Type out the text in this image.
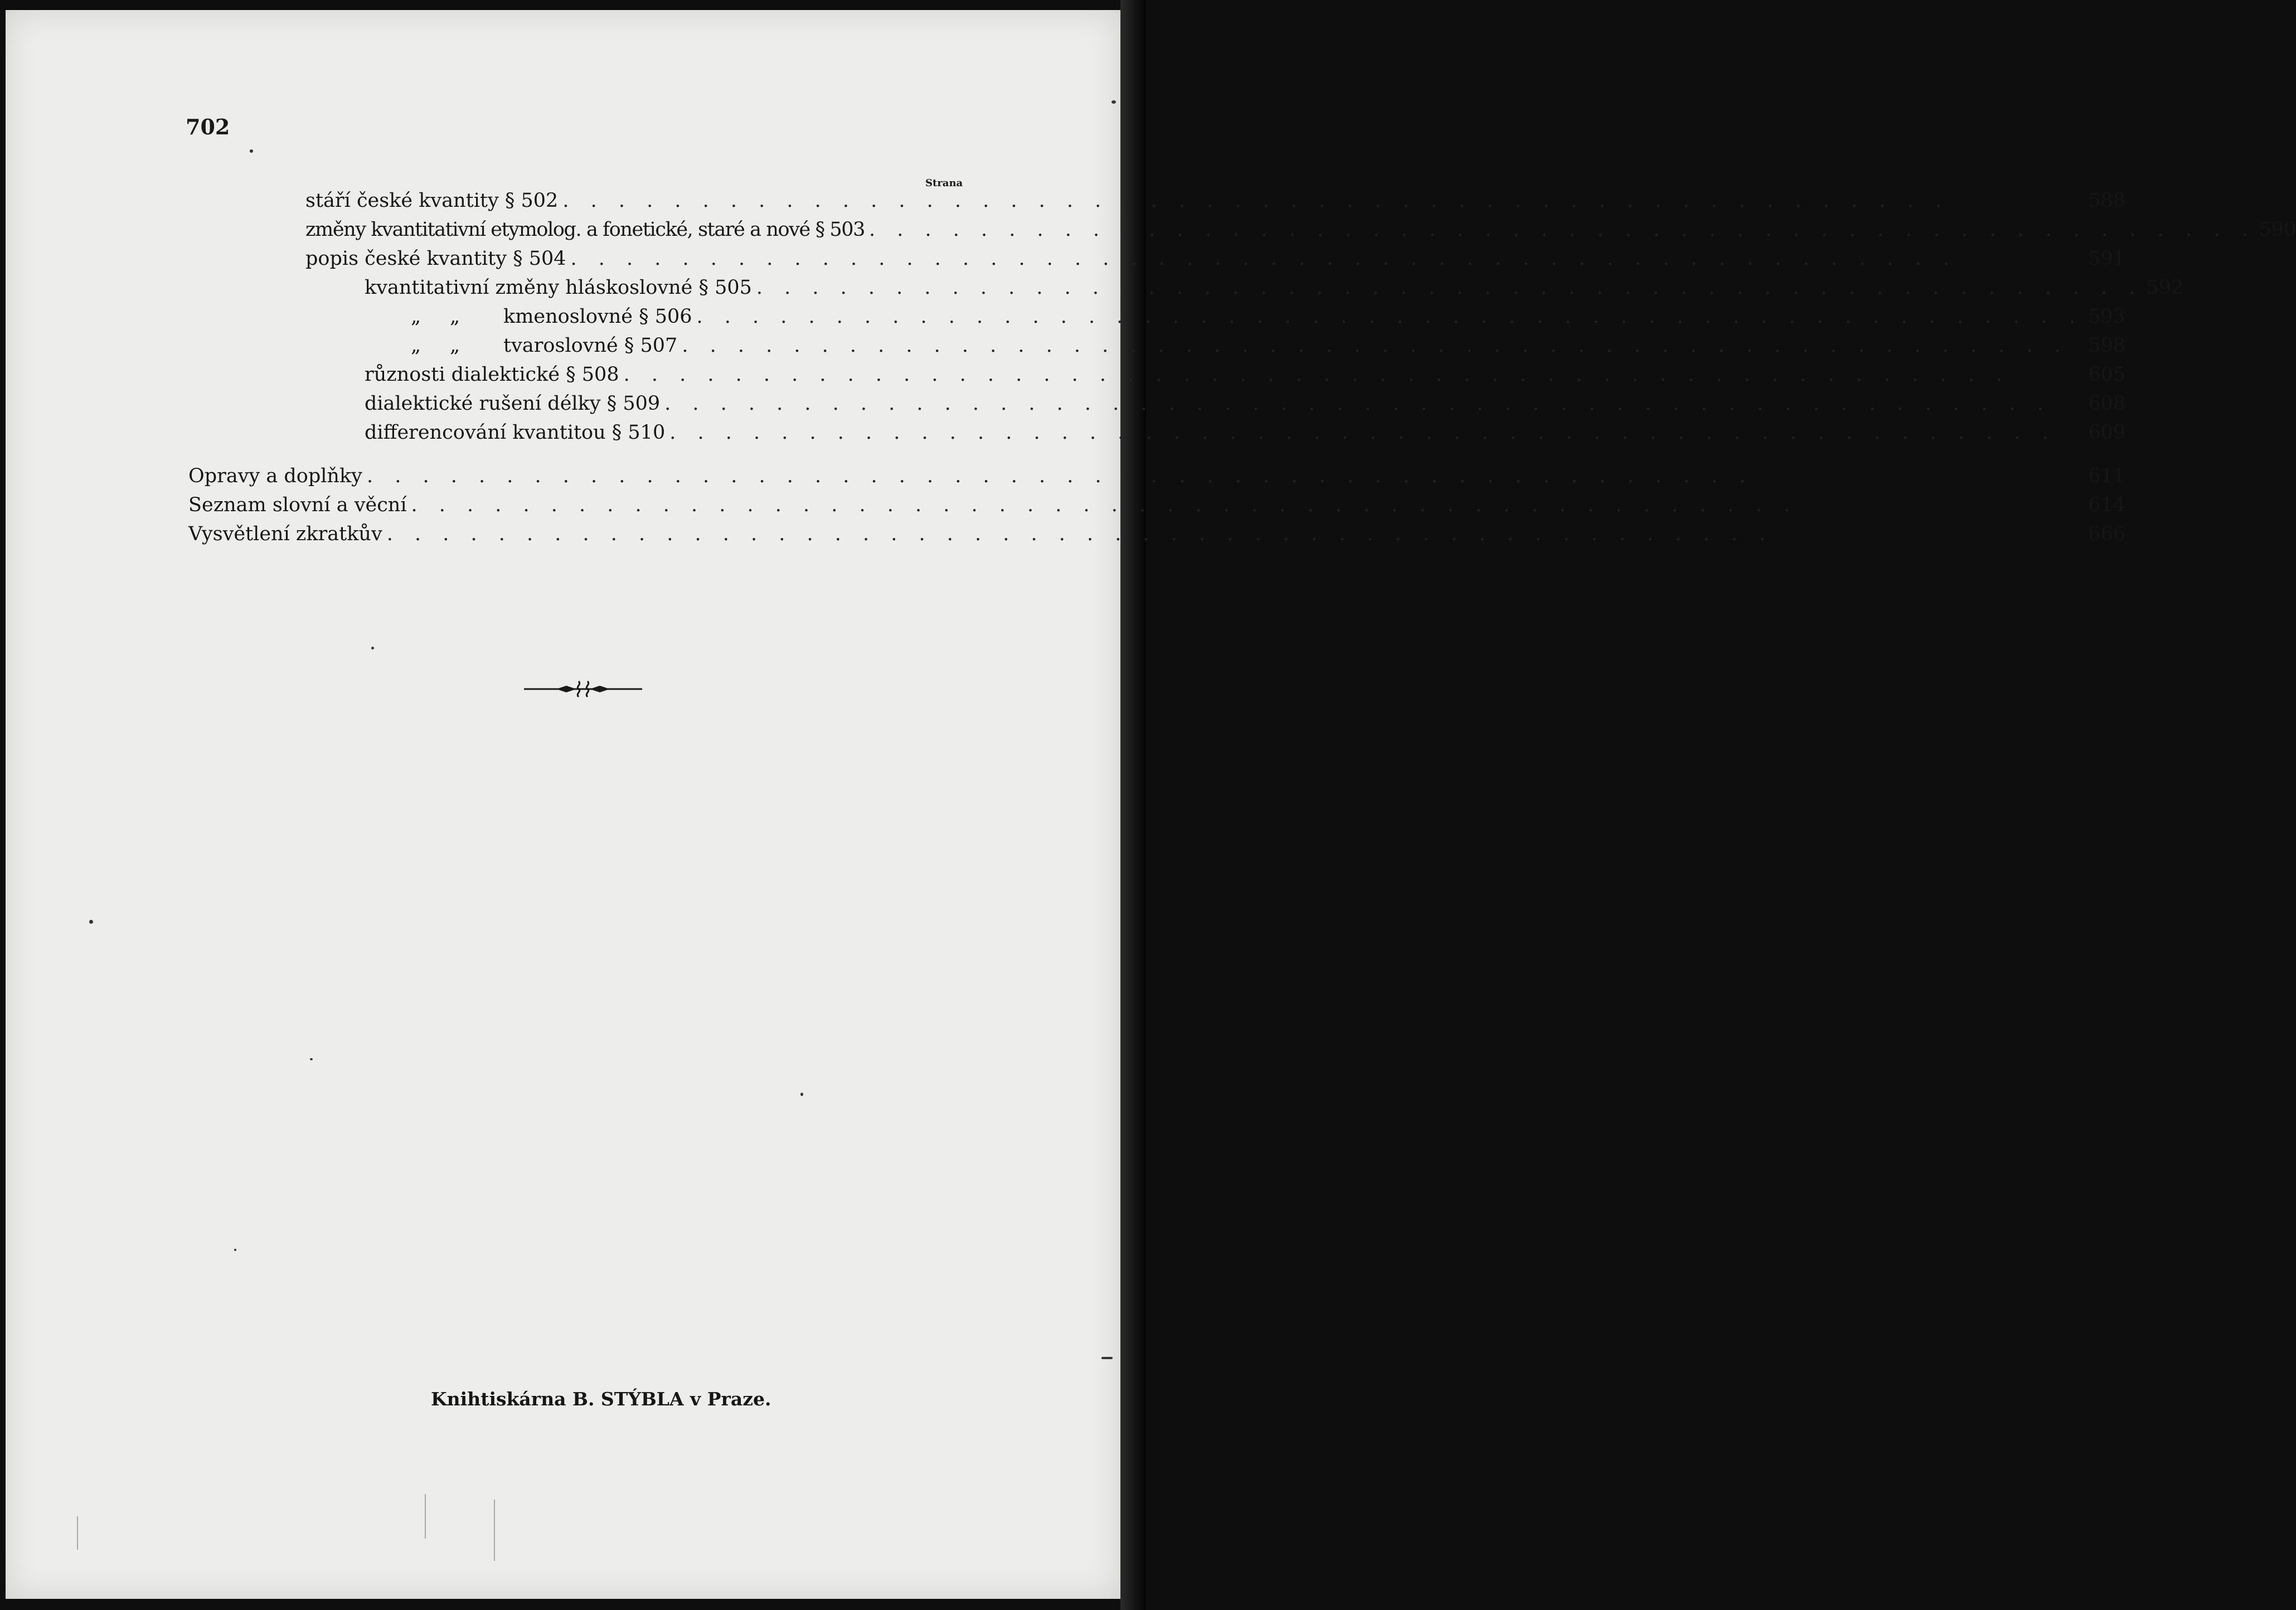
702
Strana
stáří české kvantity § 502 . . . . . . . . . . . . . . . . . . . . . . . . . . . . . . . . . . . . . . . . . . . . . . . . . .	588
změny kvantitativní etymolog. a fonetické, staré a nové § 503 . . . . . . . . . . . . . . . . . . . . . . . . . . . . . . . . . . . . . . . . . . . . . . . . . . 590
popis české kvantity § 504 . . . . . . . . . . . . . . . . . . . . . . . . . . . . . . . . . . . . . . . . . . . . . . . . . .	591
kvantitativní změny hláskoslovné § 505 . . . . . . . . . . . . . . . . . . . . . . . . . . . . . . . . . . . . . . . . . . . . . . . . . . 592
„ „ kmenoslovné § 506 . . . . . . . . . . . . . . . . . . . . . . . . . . . . . . . . . . . . . . . . . . . . . . . . . . 593
„ „ tvaroslovné § 507 . . . . . . . . . . . . . . . . . . . . . . . . . . . . . . . . . . . . . . . . . . . . . . . . . .	598
různosti dialektické § 508 . . . . . . . . . . . . . . . . . . . . . . . . . . . . . . . . . . . . . . . . . . . . . . . . . .	605
dialektické rušení délky § 509 . . . . . . . . . . . . . . . . . . . . . . . . . . . . . . . . . . . . . . . . . . . . . . . . . .	608
differencování kvantitou § 510 . . . . . . . . . . . . . . . . . . . . . . . . . . . . . . . . . . . . . . . . . . . . . . . . . .	609
Opravy a doplňky . . . . . . . . . . . . . . . . . . . . . . . . . . . . . . . . . . . . . . . . . . . . . . . . . .	611
Seznam slovní a věcní . . . . . . . . . . . . . . . . . . . . . . . . . . . . . . . . . . . . . . . . . . . . . . . . . .	614
Vysvětlení zkratkův . . . . . . . . . . . . . . . . . . . . . . . . . . . . . . . . . . . . . . . . . . . . . . . . . .	666
Knihtiskárna B. STÝBLA v Praze.
